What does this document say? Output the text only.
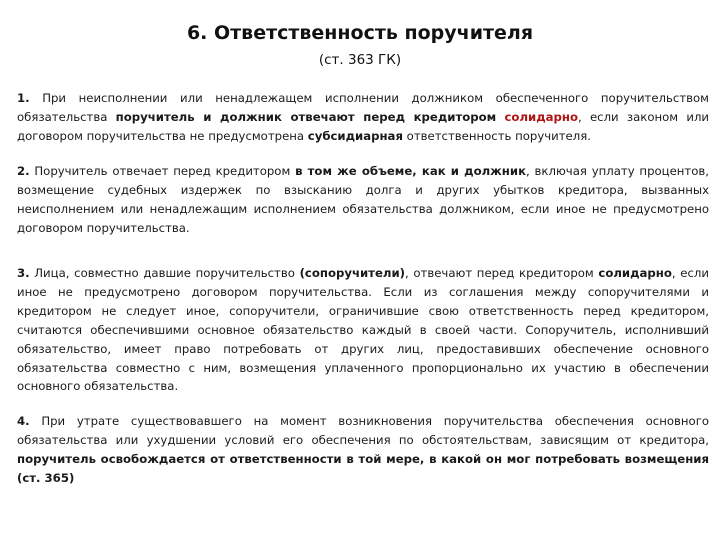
6. Ответственность поручителя
(ст. 363 ГК)
1. При неисполнении или ненадлежащем исполнении должником обеспеченного поручительством обязательства поручитель и должник отвечают перед кредитором солидарно, если законом или договором поручительства не предусмотрена субсидиарная ответственность поручителя.
2. Поручитель отвечает перед кредитором в том же объеме, как и должник, включая уплату процентов, возмещение судебных издержек по взысканию долга и других убытков кредитора, вызванных неисполнением или ненадлежащим исполнением обязательства должником, если иное не предусмотрено договором поручительства.
3. Лица, совместно давшие поручительство (сопоручители), отвечают перед кредитором солидарно, если иное не предусмотрено договором поручительства. Если из соглашения между сопоручителями и кредитором не следует иное, сопоручители, ограничившие свою ответственность перед кредитором, считаются обеспечившими основное обязательство каждый в своей части. Сопоручитель, исполнивший обязательство, имеет право потребовать от других лиц, предоставивших обеспечение основного обязательства совместно с ним, возмещения уплаченного пропорционально их участию в обеспечении основного обязательства.
4. При утрате существовавшего на момент возникновения поручительства обеспечения основного обязательства или ухудшении условий его обеспечения по обстоятельствам, зависящим от кредитора, поручитель освобождается от ответственности в той мере, в какой он мог потребовать возмещения (ст. 365)
